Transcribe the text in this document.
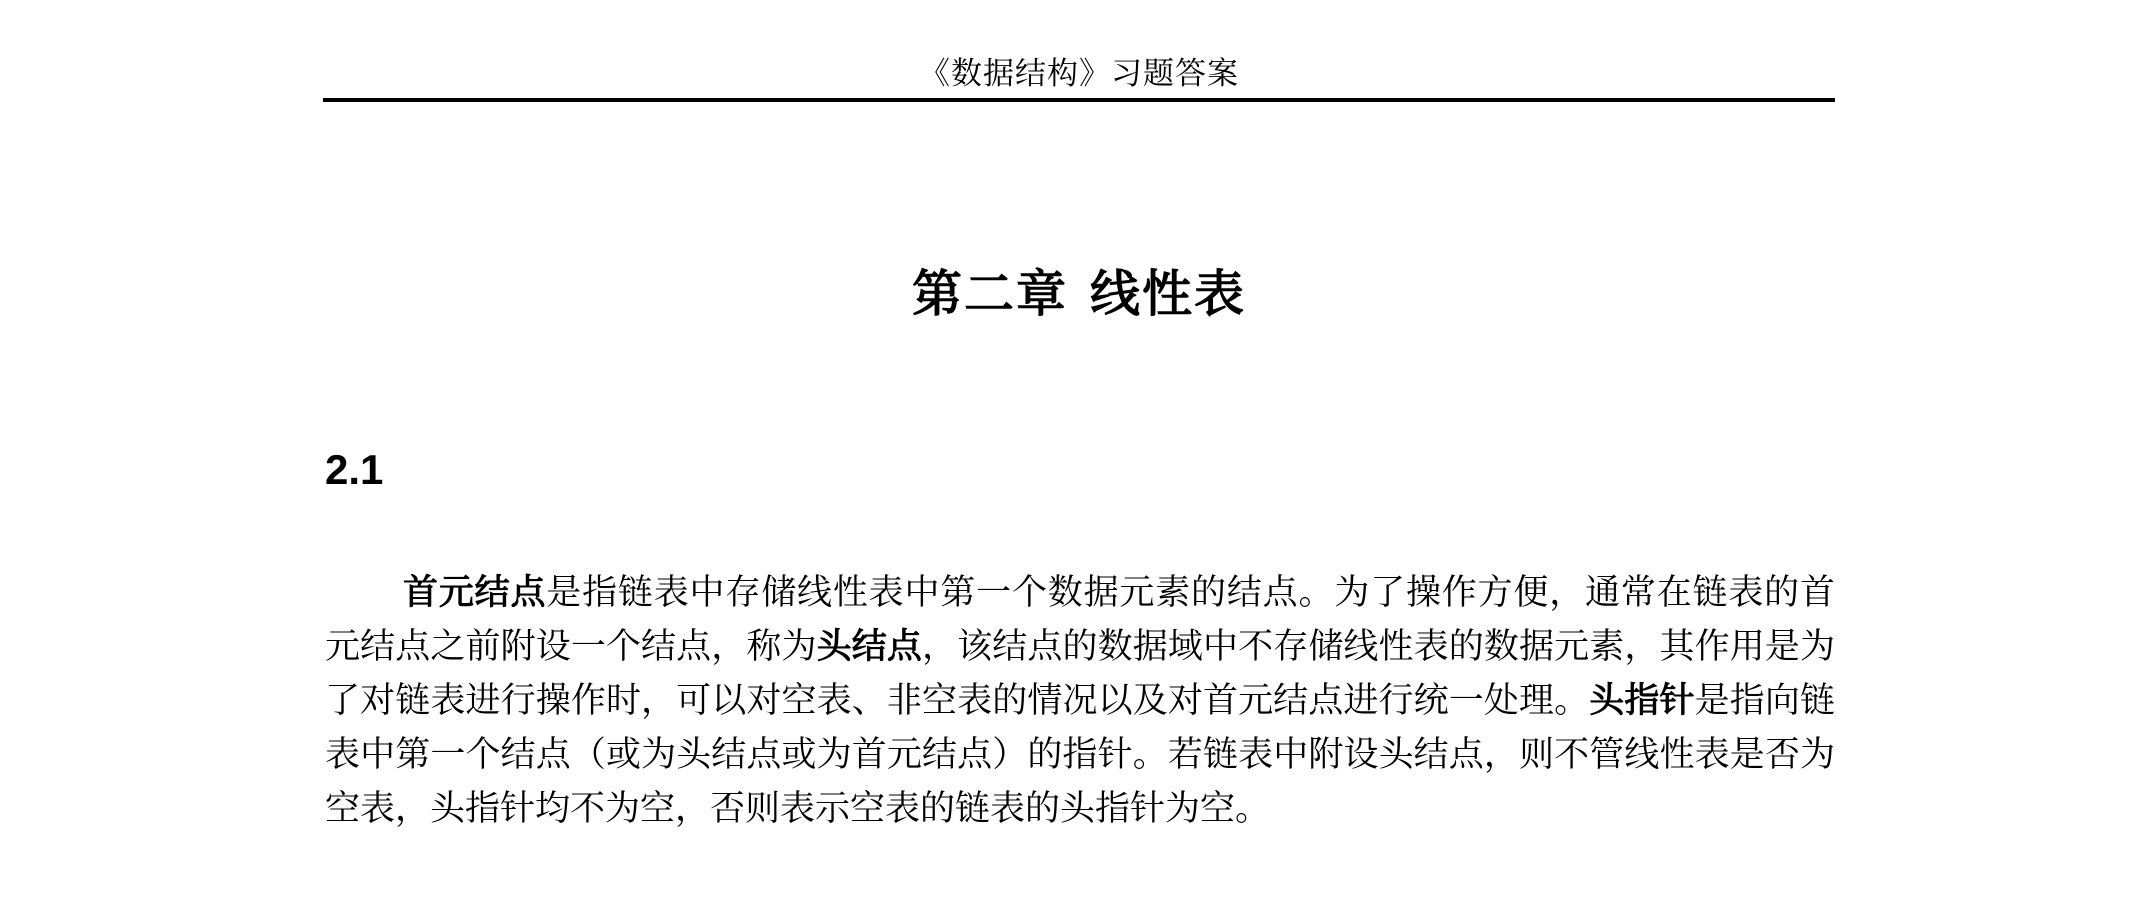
《数据结构》习题答案
第二章 线性表
2.1

首元结点是指链表中存储线性表中第一个数据元素的结点。为了操作方便，通常在链表的首元结点之前附设一个结点，称为头结点，该结点的数据域中不存储线性表的数据元素，其作用是为了对链表进行操作时，可以对空表、非空表的情况以及对首元结点进行统一处理。头指针是指向链表中第一个结点（或为头结点或为首元结点）的指针。若链表中附设头结点，则不管线性表是否为空表，头指针均不为空，否则表示空表的链表的头指针为空。
